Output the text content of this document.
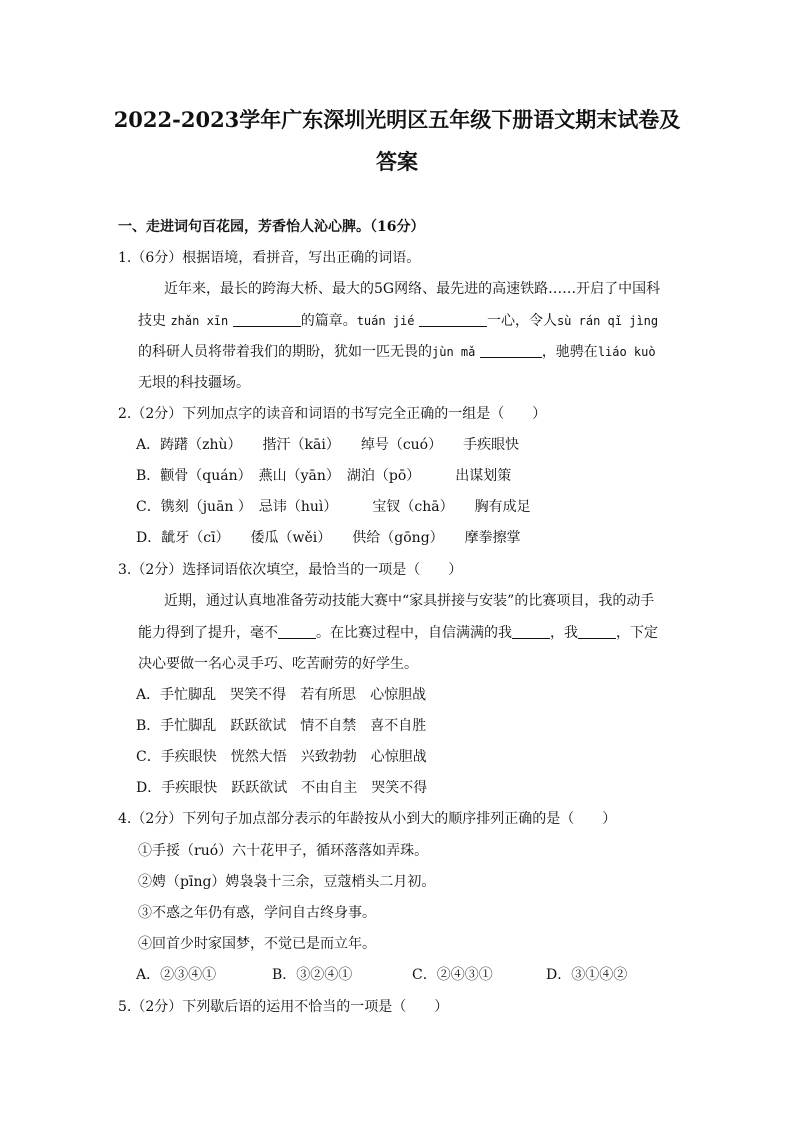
2022-2023学年广东深圳光明区五年级下册语文期末试卷及
答案
一、走进词句百花园，芳香怡人沁心脾。（16分）
1.（6分）根据语境，看拼音，写出正确的词语。
近年来，最长的跨海大桥、最大的5G网络、最先进的高速铁路……开启了中国科
技史 zhǎn xīn	的篇章。tuán jié	一心，令人sù rán qǐ jìng
的科研人员将带着我们的期盼，犹如一匹无畏的jùn mǎ	，驰骋在liáo kuò
无垠的科技疆场。
2.（2分）下列加点字的读音和词语的书写完全正确的一组是（　　）
A．踌躇（zhù）　　揩汗（kāi）　　绰号（cuó）　　手疾眼快
B．颧骨（quán）　燕山（yān）　湖泊（pō）　　　出谋划策
C．镌刻（juān ）　忌讳（huì）　　　宝钗（chā）　　胸有成足
D．龇牙（cī）　　倭瓜（wěi）　　供给（gōng）　　摩拳擦掌
3.（2分）选择词语依次填空，最恰当的一项是（　　）
近期，通过认真地准备劳动技能大赛中“家具拼接与安装”的比赛项目，我的动手
能力得到了提升，毫不	。在比赛过程中，自信满满的我	，我	，下定
决心要做一名心灵手巧、吃苦耐劳的好学生。
A．手忙脚乱　哭笑不得　若有所思　心惊胆战
B．手忙脚乱　跃跃欲试　情不自禁　喜不自胜
C．手疾眼快　恍然大悟　兴致勃勃　心惊胆战
D．手疾眼快　跃跃欲试　不由自主　哭笑不得
4.（2分）下列句子加点部分表示的年龄按从小到大的顺序排列正确的是（　　）
①手挼（ruó）六十花甲子，循环落落如弄珠。
②娉（pīng）娉袅袅十三余，豆蔻梢头二月初。
③不惑之年仍有惑，学问自古终身事。
④回首少时家国梦，不觉已是而立年。
A．②③④①	B．③②④①	C．②④③①	D．③①④②
5.（2分）下列歇后语的运用不恰当的一项是（　　）
